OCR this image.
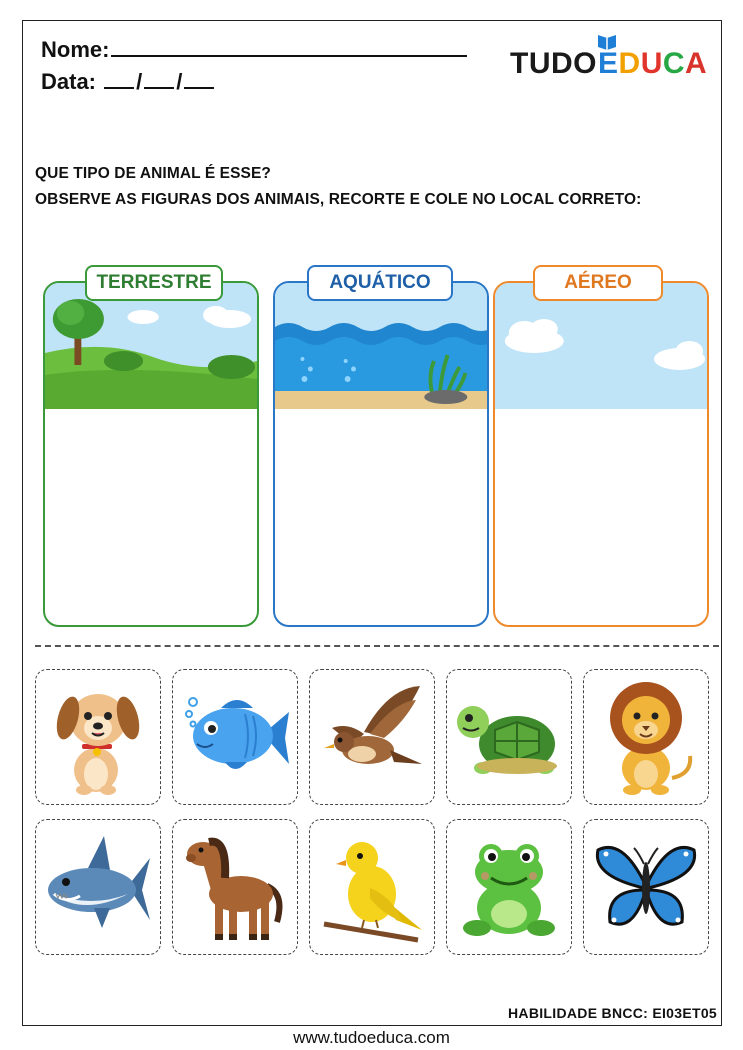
Nome:
Data: / /
TUDO EDUCA
QUE TIPO DE ANIMAL É ESSE?
OBSERVE AS FIGURAS DOS ANIMAIS, RECORTE E COLE NO LOCAL CORRETO:
TERRESTRE	AQUÁTICO	AÉREO
HABILIDADE BNCC: EI03ET05
www.tudoeduca.com
